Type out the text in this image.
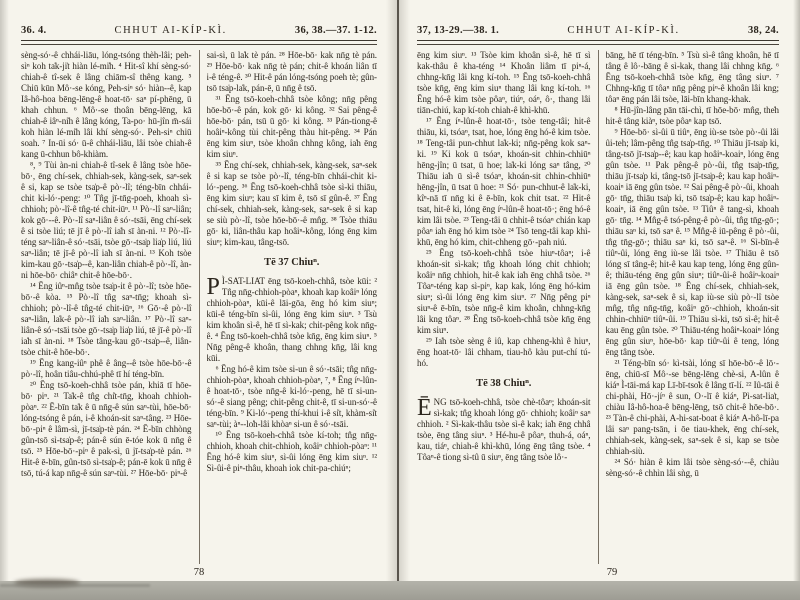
36. 4.	CHHUT AI-KÍP-KÌ.	36, 38.—37. 1-12.

sèng-só·-ê chhái-liāu, lóng-tsóng thèh-lâi; peh-sìⁿ koh ta̍k-ji̍t hiàn lé-mi̍h. ⁴ Hit-sî khí sèng-só· chiah-ê tî-sek ê lâng chiām-sî thêng kang. ⁵ Chiū kūn Mô·-se kóng, Peh-siⁿ só· hiàn--ê, kap Iâ-hô-hoa bēng-lēng-ê hoat-tō· saⁿ pí-phēng, ū khah chhun. ⁶ Mô·-se thoân bēng-lēng, kā chiah-ê iâⁿ-ni̍h ê lâng kóng, Ta-po· hū-jîn m̄-sái koh hiàn lé-mi̍h lâi khí sèng-só·. Peh-siⁿ chiū soah. ⁷ In-ūi só· ū-ê chhái-liāu, lâi tsòe chiah-ê kang ū-chhun bô-khiàm.

⁸, ⁹ Tùi àn-ni chiah-ê tî-sek ê lâng tsòe hōe-bō·, ēng chí-sek, chhiah-sek, kàng-sek, saⁿ-sek ê si, kap se tsòe tsa̍p-ê pò·-lî; téng-bīn chhái-chit ki-ló·-peng: ¹⁰ Tn̂g jī-tn̄g-poeh, khoah sì-chhioh; pò·-lî-ê tn̂g-té chit-iūⁿ. ¹¹ Pò·-lî saⁿ-liân; kok gō·--ê. Pò·-lî saⁿ-liân ê só·-tsāi, ēng chí-sek ê si tsòe liú; tē jī ê pò·-lî ia̍h sī àn-ni. ¹² Pò·-lî-téng saⁿ-liân-ê só·-tsāi, tsòe gō·-tsa̍p lia̍p liú, liú saⁿ-liân; tē jī-ê pò·-lî ia̍h sī àn-ni. ¹³ Koh tsòe kim-kau gō·-tsa̍p--ê, kan-liân chiah-ê pò·-lî, àn-ni hōe-bō· chiâⁿ chit-ê hōe-bō·.

¹⁴ Ēng iûⁿ-mn̂g tsòe tsa̍p-it ê pò·-lî; tsòe hōe-bō·-ê kòa. ¹⁵ Pò·-lî tn̂g saⁿ-tn̄g; khoah sì-chhioh; pò·-lî-ê tn̂g-té chit-iūⁿ, ¹⁶ Gō·-ê pò·-lî saⁿ-liân, la̍k-ê pò·-lî ia̍h saⁿ-liân. ¹⁷ Pò·-lî saⁿ-liân-ê só·-tsāi tsòe gō·-tsa̍p lia̍p liú, tē jī-ê pò·-lî ia̍h sī àn-ni. ¹⁸ Tsòe tâng-kau gō·-tsa̍p--ê, liân-tsòe chit-ê hōe-bō·.

¹⁹ Ēng kang-iûⁿ phê ê âng--ê tsòe hōe-bō·-ê pò·-lî, hoân tiâu-chhú-phê tī hí téng-bīn.

²⁰ Ēng tsō-koeh-chhâ tsòe pán, khiā tī hōe-bō· piⁿ. ²¹ Ta̍k-ê tn̂g chi̍t-tn̄g, khoah chhioh-pòaⁿ. ²² Ē-bīn ta̍k ê ū nn̄g-ê sún saⁿ-tùi, hōe-bō· lóng-tsóng ê pán, i-ê khoán-sit saⁿ-tâng. ²³ Hōe-bō·-piⁿ ê lâm-sì, jī-tsa̍p-tè pán. ²⁴ Ē-bīn chhòng gûn-tsō sì-tsa̍p-ê; pán-ê sún ē-tóe kok ū nn̄g ê tsō. ²⁵ Hōe-bō·-piⁿ ê pak-sì, ū jī-tsa̍p-tè pán. ²⁶ Hit-ê ē-bīn, gûn-tsō sì-tsa̍p-ê; pán-ē kok ū nn̄g ê tsō, tú-á kap nn̄g-ê sún saⁿ-tùi. ²⁷ Hōe-bō· piⁿ-ê

sai-sì, ū la̍k tè pán. ²⁸ Hōe-bō· kak nn̄g tè pán. ²⁹ Hōe-bō· kak nn̄g tè pán; chit-ê khoán liân tī i-ê téng-ê. ³⁰ Hit-ê pán lóng-tsóng poeh tè; gûn-tsō tsa̍p-la̍k, pán-ē, ū nn̄g ê tsō.

³¹ Ēng tsō-koeh-chhâ tsòe kông; nn̄g pêng hōe-bō·-ê pán, kok gō· ki kông. ³² Sai pêng-ê hōe-bō· pán, tsū ū gō· ki kông. ³³ Pán-tiong-ê hoâiⁿ-kông tùi chit-pêng thàu hit-pêng. ³⁴ Pán ēng kim siuⁿ, tsòe khoân chhng kông, ia̍h ēng kim siuⁿ.

³⁵ Ēng chí-sek, chhiah-sek, kàng-sek, saⁿ-sek ê si kap se tsòe pò·-lî, téng-bīn chhái-chit ki-ló·-peng. ³⁶ Ēng tsō-koeh-chhâ tsòe sì-ki thiāu, ēng kim siuⁿ; kau sī kim ê, tsō sī gûn-ê. ³⁷ Ēng chí-sek, chhiah-sek, kàng-sek, saⁿ-sek ê si kap se siù pò·-lî, tsòe hōe-bō·-ê mn̂g. ³⁸ Tsòe thiāu gō· ki, liân-thâu kap hoâiⁿ-kông, lóng ēng kim siuⁿ; kim-kau, tâng-tsō.

Tē 37 Chiuⁿ.

P Ì-SAT-LIA̍T ēng tsō-koeh-chhâ, tsòe kūi: ² Tn̂g nn̄g-chhioh-pòaⁿ, khoah kap koâiⁿ lóng chhioh-pòaⁿ, kūi-ê lāi-gōa, ēng hó kim siuⁿ; kūi-ê téng-bīn sì-ûi, lóng ēng kim siuⁿ. ³ Tsù kim khoân sì-ê, hē tī sì-kak; chit-pêng kok nn̄g-ê. ⁴ Ēng tsō-koeh-chhâ tsòe kn̄g, ēng kim siuⁿ. ⁵ Nn̄g pêng-ê khoân, thang chhng kn̄g, lâi kng kūi.

⁶ Ēng hó-ê kim tsòe si-un ê só·-tsāi; tn̂g nn̄g-chhioh-pòaⁿ, khoah chhioh-pòaⁿ, ⁷, ⁸ Ēng íⁿ-lûn-ê hoat-tō·, tsòe nn̄g-ê ki-ló·-peng, hē tī si-un-só·-ê siang pêng; chit-pêng chit-ê, tī si-un-só·-ê téng-bīn. ⁹ Ki-ló·-peng thí-khui i-ê si̍t, khàm-si̍t saⁿ-tùi; àⁿ--lo̍h-lâi khòaⁿ si-un ê só·-tsāi.

¹⁰ Ēng tsō-koeh-chhâ tsòe kí-toh; tn̂g nn̄g-chhioh, khoah chit-chhioh, koâiⁿ chhioh-pòaⁿ: ¹¹ Ēng hó-ê kim siuⁿ, sì-ûi lóng ēng kim siuⁿ. ¹² Sì-ûi-ê piⁿ-thâu, khoah iok chit-pa-chiúⁿ;

78
37, 13-29.—38. 1.	CHHUT AI-KÍP-KÌ.	38, 24.

ēng kim siuⁿ. ¹³ Tsòe kim khoân sì-ê, hē tī sì kak-thâu ê kha-téng ¹⁴ Khoân liâm tī piⁿ-á, chhng-kn̄g lâi kng kí-toh. ¹⁵ Ēng tsō-koeh-chhâ tsòe kn̄g, ēng kim siuⁿ thang lâi kng kí-toh. ¹⁶ Ēng hó-ê kim tsòe pôaⁿ, tiúⁿ, oáⁿ, ô·, thang lâi tiān-chiú, kap kí-toh chiah-ê khì-khū.

¹⁷ Ēng íⁿ-lûn-ê hoat-tō·, tsòe teng-tâi; hit-ê thiāu, ki, tsóaⁿ, tsat, hoe, lóng ēng hó-ê kim tsòe. ¹⁸ Teng-tâi pun-chhut la̍k-ki; nn̄g-pêng kok saⁿ-ki. ¹⁹ Ki kok ū tsóaⁿ, khoán-sit chhin-chhiūⁿ hēng-jîn; ū tsat, ū hoe; la̍k-ki lóng saⁿ tâng, ²⁰ Thiāu ia̍h ū sì-ê tsóaⁿ, khoán-sit chhin-chhiūⁿ hēng-jîn, ū tsat ū hoe: ²¹ Só· pun-chhut-ê la̍k-ki, kîⁿ-nā tī nn̄g ki ê ē-bīn, kok chit tsat. ²² Hit-ê tsat, hit-ê ki, lóng ēng íⁿ-lûn-ê hoat-tō·; ēng hó-ê kim lâi tsòe. ²³ Teng-tâi ū chhit-ê tsóaⁿ chián kap pôaⁿ ia̍h ēng hó kim tsòe ²⁴ Tsō teng-tâi kap khì-khū, ēng hó kim, chit-chheng gō·-pah niú.

²⁵ Ēng tsō-koeh-chhâ tsòe hiuⁿ-tôaⁿ; i-ê khoán-sit sì-kak; tn̂g khoah lóng chit chhioh; koâiⁿ nn̄g chhioh, hit-ê kak ia̍h ēng chhâ tsòe. ²⁶ Tôaⁿ-téng kap sì-piⁿ, kap kak, lóng ēng hó-kim siuⁿ; sì-ûi lóng ēng kim siuⁿ. ²⁷ Nn̄g pêng piⁿ siuⁿ-ê ē-bīn, tsòe nn̄g-ê kim khoân, chhng-kn̄g lâi kng tôaⁿ. ²⁸ Ēng tsō-koeh-chhâ tsòe kn̄g ēng kim siuⁿ.

²⁹ Ia̍h tsòe sèng ê iû, kap chheng-khì ê hiuⁿ, ēng hoat-tō· lâi chham, tiau-hô kàu put-chí tú-hó.

Tē 38 Chiuⁿ.

ĒNG tsō-koeh-chhâ, tsòe chè-tôaⁿ; khoán-sit sì-kak; tn̂g khoah lóng gō· chhioh; koâiⁿ saⁿ chhioh. ² Sì-kak-thâu tsòe sì-ê kak; ia̍h ēng chhâ tsòe, ēng tâng siuⁿ. ³ Hé-hu-ê pôaⁿ, thuh-á, oáⁿ, kau, tiáⁿ, chiah-ê khì-khū, lóng ēng tâng tsòe. ⁴ Tôaⁿ-ê tiong sì-tû ū siuⁿ, ēng tâng tsòe lô·-

bāng, hē tī téng-bīn. ⁵ Tsù sì-ê tâng khoân, hē tī tâng ê lô·-bāng ê sì-kak, thang lâi chhng kn̄g. ⁶ Ēng tsō-koeh-chhâ tsòe kn̄g, ēng tâng siuⁿ. ⁷ Chhng-kn̄g tī tôaⁿ nn̄g pêng piⁿ-ê khoân lâi kng; tôaⁿ ēng pán lâi tsòe, lāi-bīn khang-khak.

⁸ Hū-jîn-lâng pān tāi-chì, tī hōe-bō· mn̂g, the̍h hit-ê tâng kiàⁿ, tsòe pôaⁿ kap tsō.

⁹ Hōe-bō· sì-ûi ū tiûⁿ, ēng iù-se tsòe pò·-ûi lâi ûi-teh; lâm-pêng tn̂g tsa̍p-tn̄g. ¹⁰ Thiāu jī-tsa̍p ki, tâng-tsō jī-tsa̍p--ê; kau kap hoâiⁿ-koaiⁿ, lóng ēng gûn tsòe. ¹¹ Pak pêng-ê pò·-ûi, tn̂g tsa̍p-tn̄g, thiāu jī-tsa̍p ki, tâng-tsō jī-tsa̍p-ê; kau kap hoâiⁿ-koaiⁿ iā ēng gûn tsòe. ¹² Sai pêng-ê pò·-ûi, khoah gō· tn̄g, thiāu tsa̍p ki, tsō tsa̍p-ê; kau kap hoâiⁿ-koaiⁿ, iā ēng gûn tsòe. ¹³ Tiûⁿ ê tang-sì, khoah gō· tn̄g. ¹⁴ Mn̂g-ê tsó-pêng-ê pò·-ûi, tn̂g tn̄g-gō·; thiāu saⁿ ki, tsō saⁿ ê. ¹⁵ Mn̂g-ê iū-pêng ê pò·-ûi, tn̂g tn̄g-gō·; thiāu saⁿ ki, tsō saⁿ-ê. ¹⁶ Sì-bīn-ê tiûⁿ-ûi, lóng ēng iù-se lâi tsòe. ¹⁷ Thiāu ê tsō lóng sī tâng-ê; hit-ê kau kap teng, lóng ēng gûn-ê; thiāu-téng ēng gûn siuⁿ; tiûⁿ-ûi-ê hoâiⁿ-koaiⁿ iā ēng gûn tsòe. ¹⁸ Ēng chí-sek, chhiah-sek, kàng-sek, saⁿ-sek ê si, kap iù-se siù pò·-lî tsòe mn̂g, tn̂g nn̄g-tn̄g, koâiⁿ gō·-chhioh, khoán-sit chhin-chhiūⁿ tiûⁿ-ûi. ¹⁹ Thiāu sì-ki, tsō sì-ê; hit-ê kau ēng gûn tsòe. ²⁰ Thiāu-téng hoâiⁿ-koaiⁿ lóng ēng gûn siuⁿ, hōe-bō· kap tiûⁿ-ûi ê teng, lóng ēng tâng tsòe.

²¹ Téng-bīn só· kì-tsài, lóng sī hōe-bō·-ê lō·-ēng, chiū-sī Mô·-se bēng-lēng chè-si, A-lûn ê kiáⁿ Ì-tāi-má kap Lī-bī-tso̍k ê lâng tī-lí. ²² Iû-tāi ê chi-phài, Hō·-jíⁿ ê sun, O·-lī ê kiáⁿ, Pì-sat-lia̍t, chiàu Iâ-hô-hoa-ê bēng-lēng, tsō chit-ê hōe-bō·. ²³ Tàn-ê chi-phài, A-hi-sat-boat ê kiáⁿ A-hô-lī-pa lâi saⁿ pang-tsān, i ōe tiau-khek, ēng chí-sek, chhiah-sek, kàng-sek, saⁿ-sek ê si, kap se tsòe chhiah-siù.

²⁴ Só· hiàn ê kim lâi tsòe sèng-só·--ê, chiàu sèng-só·-ê chhìn lâi sǹg, ū

79
